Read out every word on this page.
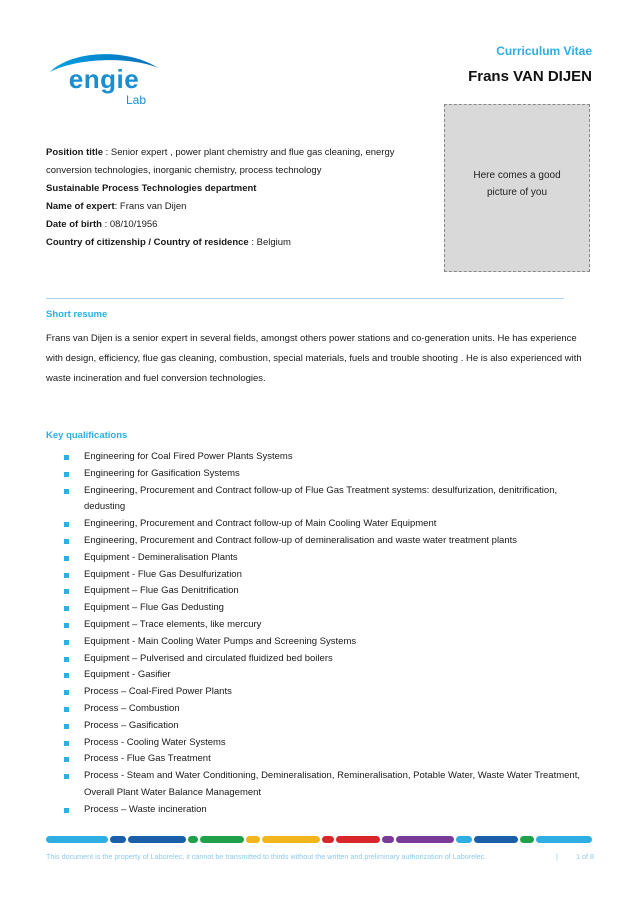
engie
Lab
Curriculum Vitae
Frans VAN DIJEN
Here comes a good picture of you
Position title : Senior expert , power plant chemistry and flue gas cleaning, energy conversion technologies, inorganic chemistry, process technology
Sustainable Process Technologies department
Name of expert: Frans van Dijen
Date of birth : 08/10/1956
Country of citizenship / Country of residence : Belgium
Short resume
Frans van Dijen is a senior expert in several fields, amongst others power stations and co-generation units. He has experience with design, efficiency, flue gas cleaning, combustion, special materials, fuels and trouble shooting . He is also experienced with waste incineration and fuel conversion technologies.
Key qualifications
Engineering for Coal Fired Power Plants Systems
Engineering for Gasification Systems
Engineering, Procurement and Contract follow-up of Flue Gas Treatment systems: desulfurization, denitrification, dedusting
Engineering, Procurement and Contract follow-up of Main Cooling Water Equipment
Engineering, Procurement and Contract follow-up of demineralisation and waste water treatment plants
Equipment - Demineralisation Plants
Equipment - Flue Gas Desulfurization
Equipment – Flue Gas Denitrification
Equipment – Flue Gas Dedusting
Equipment – Trace elements, like mercury
Equipment - Main Cooling Water Pumps and Screening Systems
Equipment – Pulverised and circulated fluidized bed boilers
Equipment - Gasifier
Process – Coal-Fired Power Plants
Process – Combustion
Process – Gasification
Process - Cooling Water Systems
Process - Flue Gas Treatment
Process - Steam and Water Conditioning, Demineralisation, Remineralisation, Potable Water, Waste Water Treatment, Overall Plant Water Balance Management
Process – Waste incineration
This document is the property of Laborelec, it cannot be transmitted to thirds without the written and preliminary authorization of Laborelec.	|	1 of 8
